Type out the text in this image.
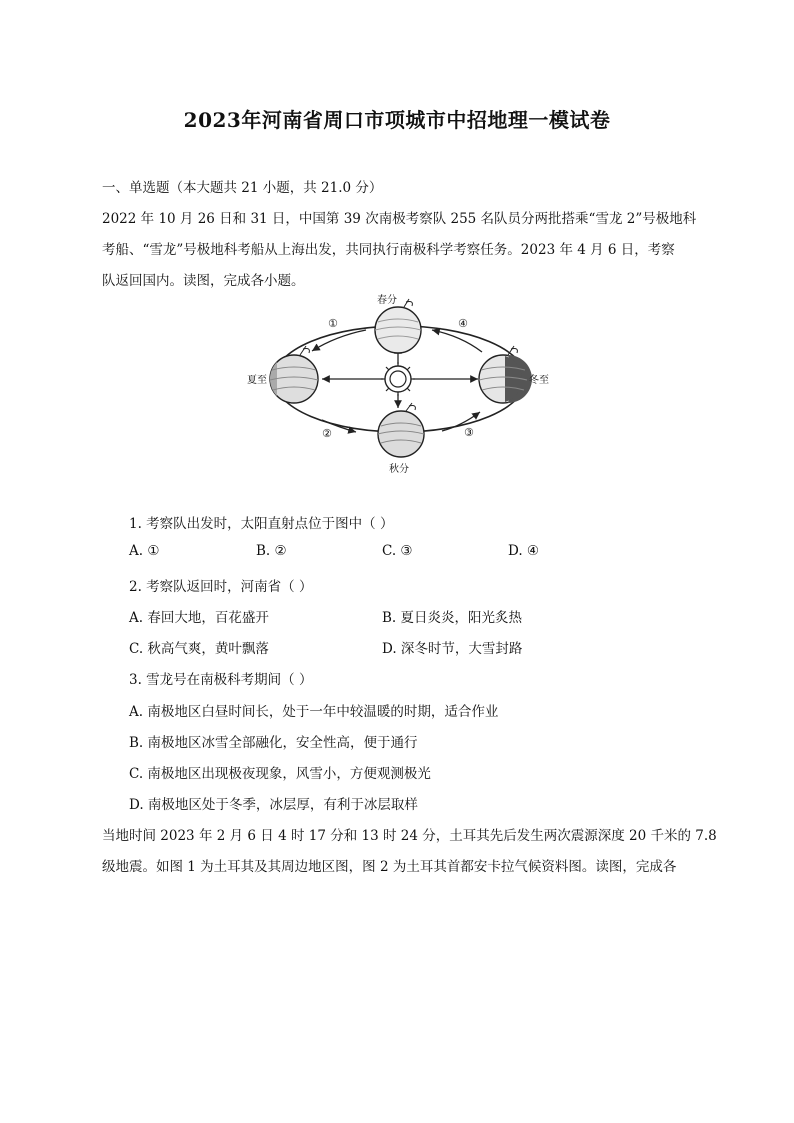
2023年河南省周口市项城市中招地理一模试卷
一、单选题（本大题共 21 小题，共 21.0 分）
2022 年 10 月 26 日和 31 日，中国第 39 次南极考察队 255 名队员分两批搭乘“雪龙 2”号极地科
考船、“雪龙”号极地科考船从上海出发，共同执行南极科学考察任务。2023 年 4 月 6 日，考察
队返回国内。读图，完成各小题。
春分
夏至	冬至
秋分
①
②	③
④
1. 考察队出发时，太阳直射点位于图中（ ）
A. ①	B. ②	C. ③	D. ④
2. 考察队返回时，河南省（ ）
A. 春回大地，百花盛开	B. 夏日炎炎，阳光炙热
C. 秋高气爽，黄叶飘落	D. 深冬时节，大雪封路
3. 雪龙号在南极科考期间（ ）
A. 南极地区白昼时间长，处于一年中较温暖的时期，适合作业
B. 南极地区冰雪全部融化，安全性高，便于通行
C. 南极地区出现极夜现象，风雪小，方便观测极光
D. 南极地区处于冬季，冰层厚，有利于冰层取样
当地时间 2023 年 2 月 6 日 4 时 17 分和 13 时 24 分，土耳其先后发生两次震源深度 20 千米的 7.8
级地震。如图 1 为土耳其及其周边地区图，图 2 为土耳其首都安卡拉气候资料图。读图，完成各
